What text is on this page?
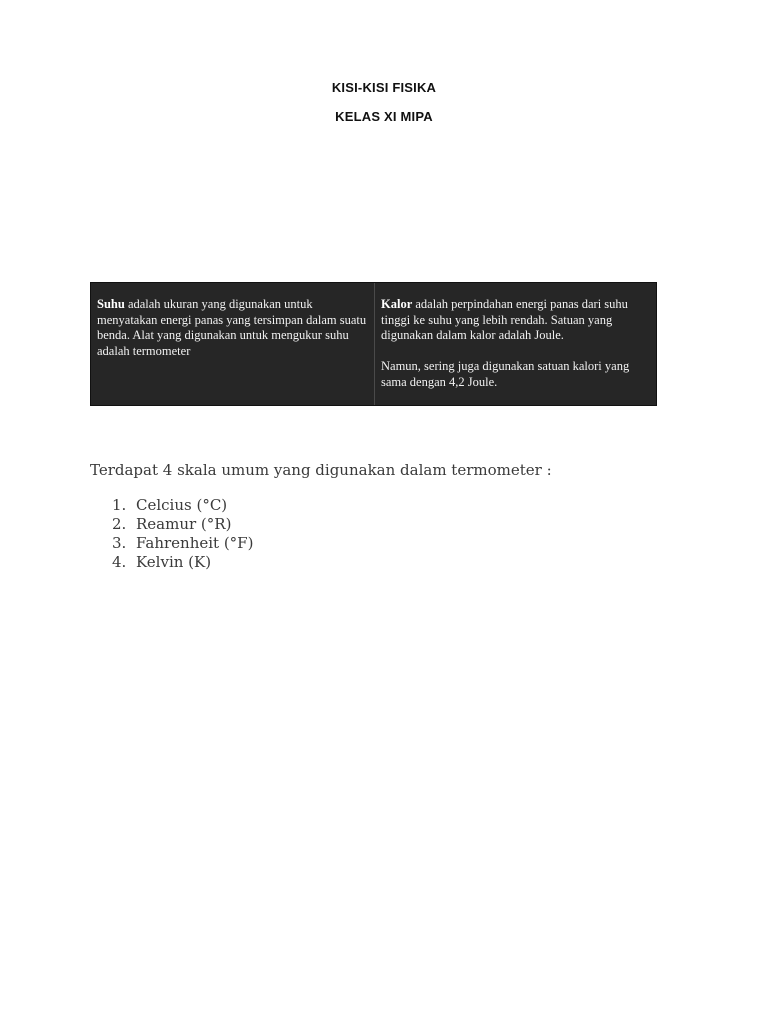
KISI-KISI FISIKA
KELAS XI MIPA
Suhu adalah ukuran yang digunakan untuk menyatakan energi panas yang tersimpan dalam suatu benda. Alat yang digunakan untuk mengukur suhu adalah termometer
Kalor adalah perpindahan energi panas dari suhu tinggi ke suhu yang lebih rendah. Satuan yang digunakan dalam kalor adalah Joule.
Namun, sering juga digunakan satuan kalori yang sama dengan 4,2 Joule.
Terdapat 4 skala umum yang digunakan dalam termometer :
1. Celcius (°C)
2. Reamur (°R)
3. Fahrenheit (°F)
4. Kelvin (K)
